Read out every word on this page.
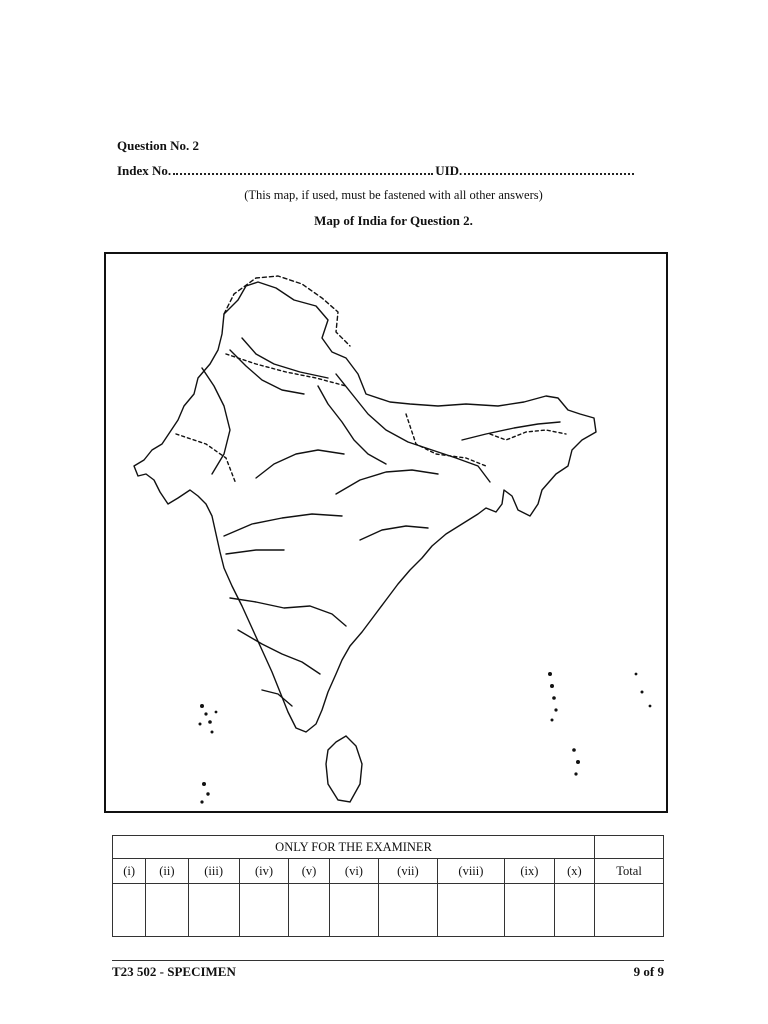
Question No. 2
Index No.	UID.
(This map, if used, must be fastened with all other answers)
Map of India for Question 2.
ONLY FOR THE EXAMINER										
(i)	(ii)	(iii)	(iv)	(v)	(vi)	(vii)	(viii)	(ix)	(x)	Total

T23 502 - SPECIMEN	9 of 9
